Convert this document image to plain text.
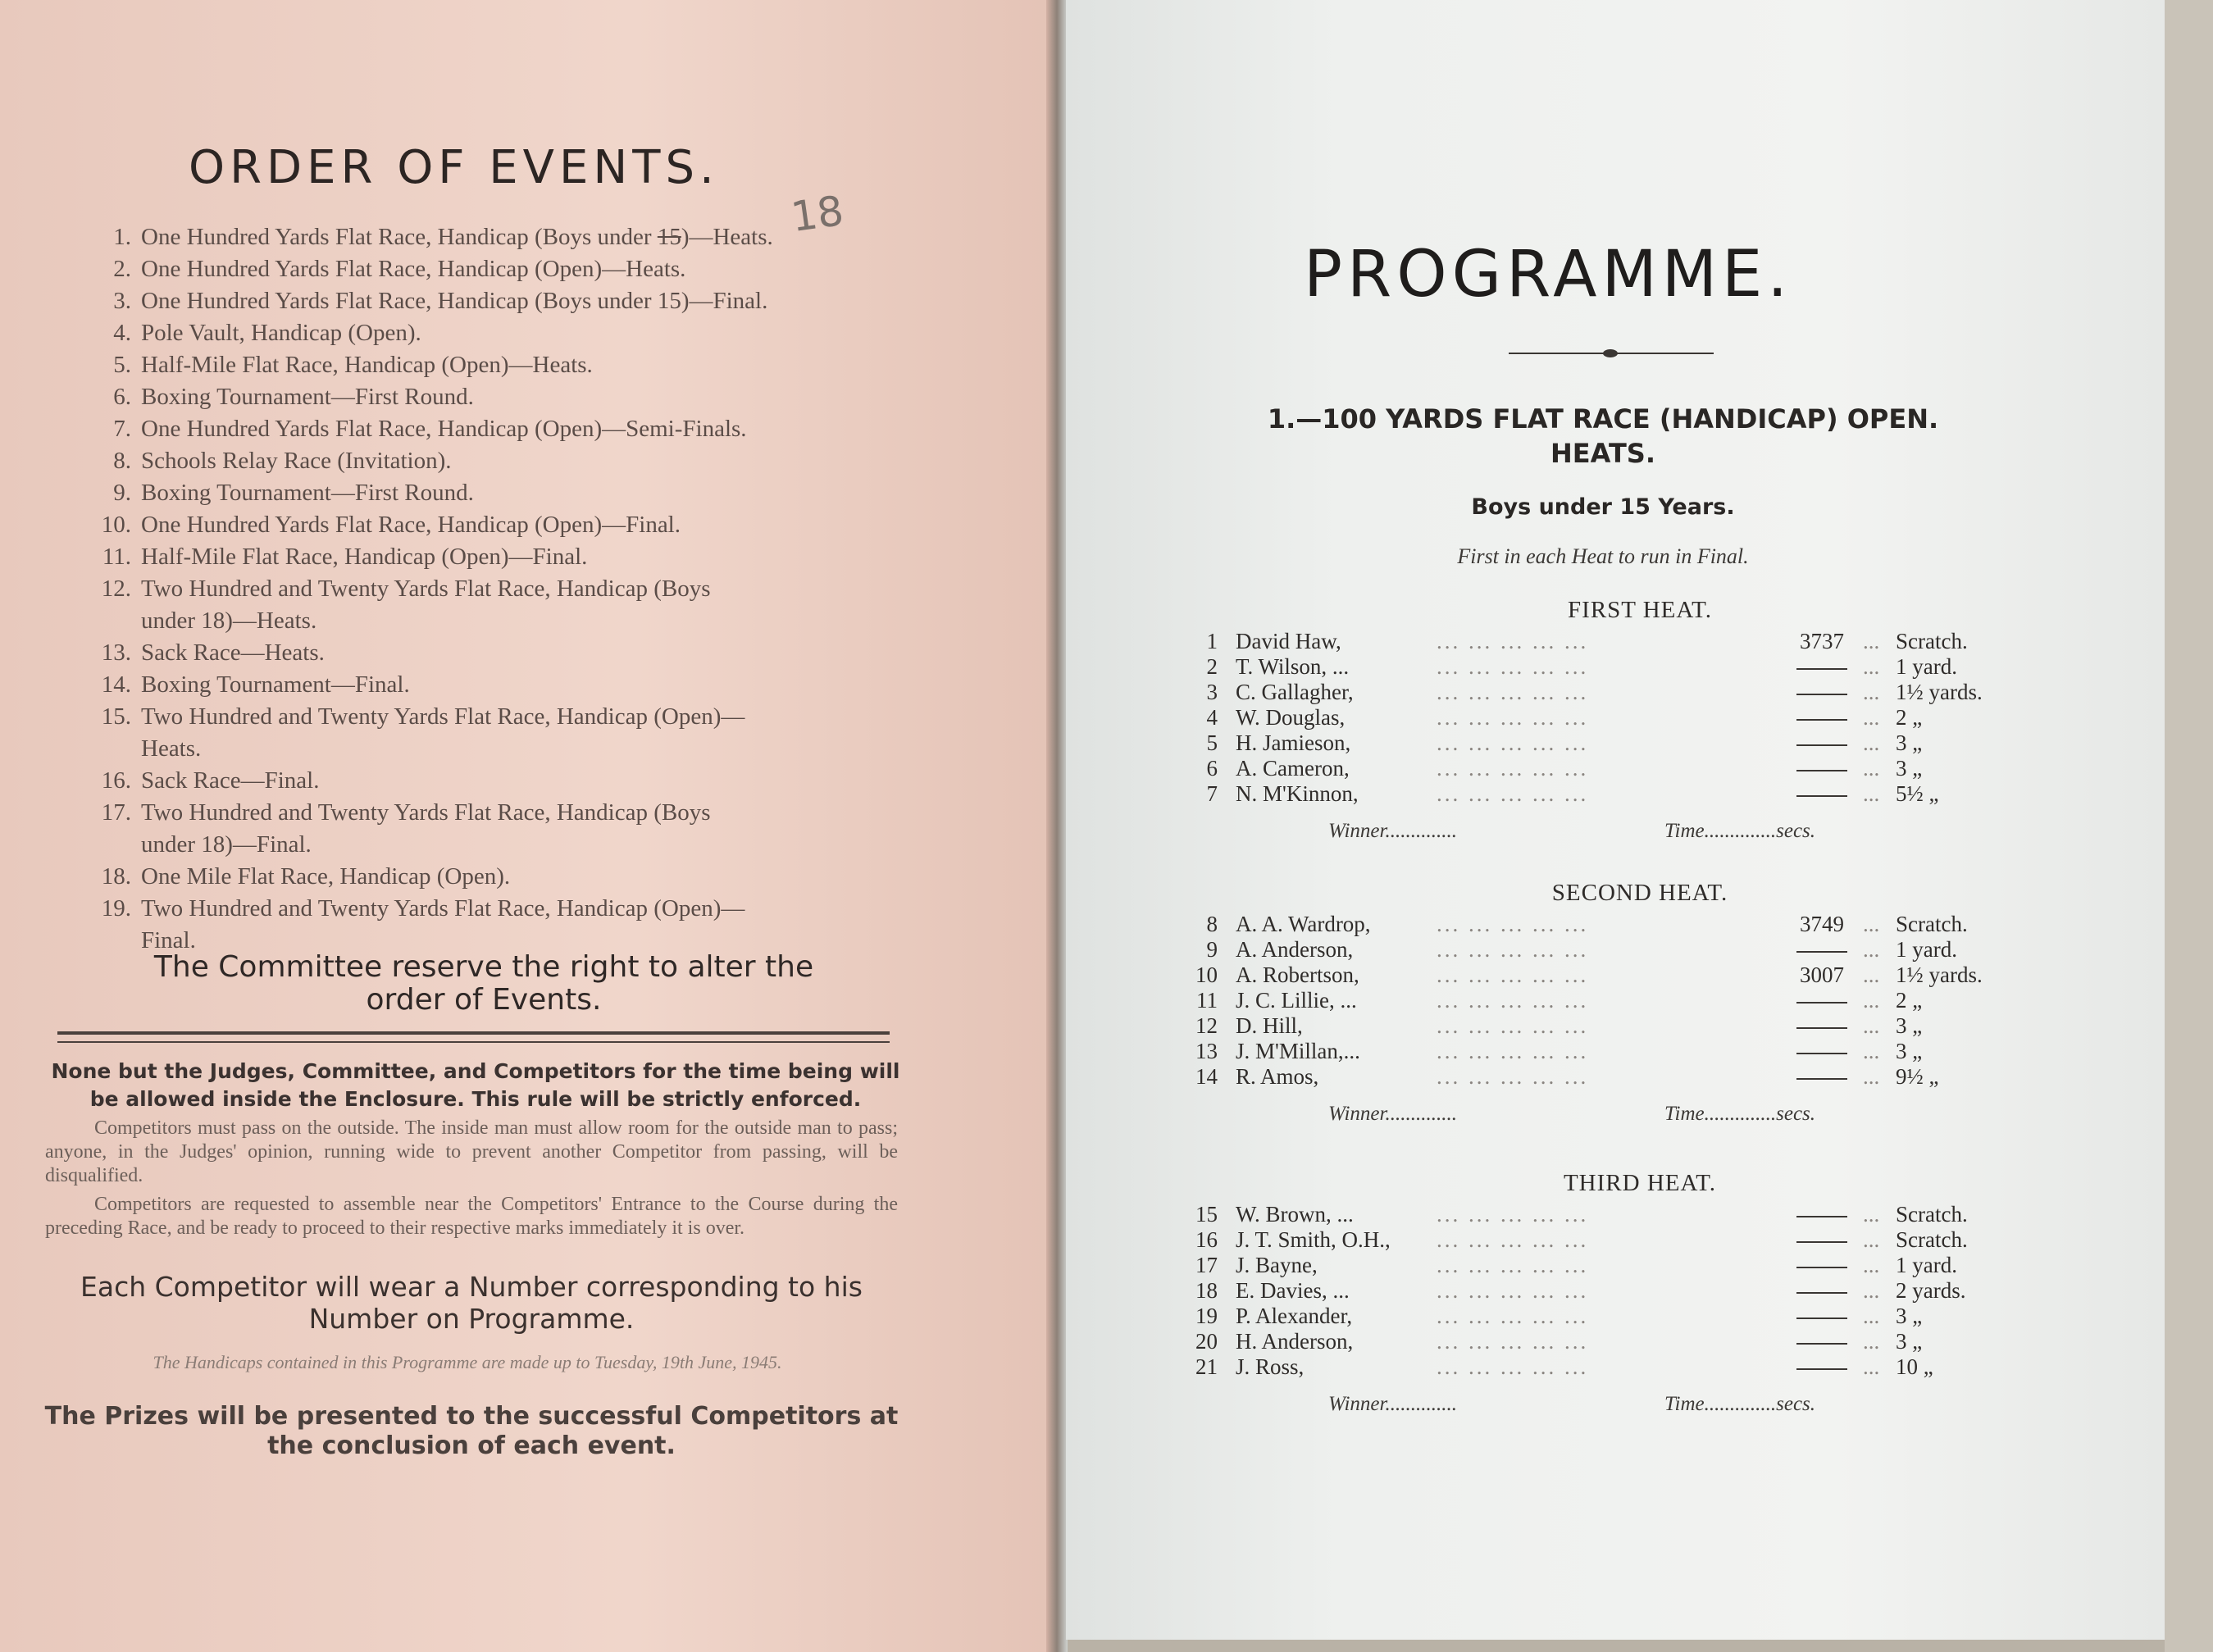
ORDER OF EVENTS.
18
1. One Hundred Yards Flat Race, Handicap (Boys under 15)—Heats.
2. One Hundred Yards Flat Race, Handicap (Open)—Heats.
3. One Hundred Yards Flat Race, Handicap (Boys under 15)—Final.
4. Pole Vault, Handicap (Open).
5. Half-Mile Flat Race, Handicap (Open)—Heats.
6. Boxing Tournament—First Round.
7. One Hundred Yards Flat Race, Handicap (Open)—Semi-Finals.
8. Schools Relay Race (Invitation).
9. Boxing Tournament—First Round.
10. One Hundred Yards Flat Race, Handicap (Open)—Final.
11. Half-Mile Flat Race, Handicap (Open)—Final.
12. Two Hundred and Twenty Yards Flat Race, Handicap (Boys
under 18)—Heats.
13. Sack Race—Heats.
14. Boxing Tournament—Final.
15. Two Hundred and Twenty Yards Flat Race, Handicap (Open)—
Heats.
16. Sack Race—Final.
17. Two Hundred and Twenty Yards Flat Race, Handicap (Boys
under 18)—Final.
18. One Mile Flat Race, Handicap (Open).
19. Two Hundred and Twenty Yards Flat Race, Handicap (Open)—
Final.
The Committee reserve the right to alter the
order of Events.
None but the Judges, Committee, and Competitors for the time being will be allowed inside the Enclosure. This rule will be strictly enforced.
Competitors must pass on the outside. The inside man must allow room for the outside man to pass; anyone, in the Judges' opinion, running wide to prevent another Competitor from passing, will be disqualified.
Competitors are requested to assemble near the Competitors' Entrance to the Course during the preceding Race, and be ready to proceed to their respective marks immediately it is over.
Each Competitor will wear a Number corresponding to his Number on Programme.
The Handicaps contained in this Programme are made up to Tuesday, 19th June, 1945.
The Prizes will be presented to the successful Competitors at the conclusion of each event.
PROGRAMME.
1.—100 YARDS FLAT RACE (HANDICAP) OPEN.
HEATS.
Boys under 15 Years.
First in each Heat to run in Final.
FIRST HEAT.
1 David Haw,	... ... ... ... ...	3737 ... Scratch.
2 T. Wilson, ...	... ... ... ... ...	... 1 yard.
3 C. Gallagher,	... ... ... ... ...	... 1½ yards.
4 W. Douglas,	... ... ... ... ...	... 2 „
5 H. Jamieson,	... ... ... ... ...	... 3 „
6 A. Cameron,	... ... ... ... ...	... 3 „
7 N. M'Kinnon,	... ... ... ... ...	... 5½ „
Winner..............	Time..............secs.
SECOND HEAT.
8 A. A. Wardrop,	... ... ... ... ...	3749 ... Scratch.
9 A. Anderson,	... ... ... ... ...	... 1 yard.
10 A. Robertson,	... ... ... ... ...	3007 ... 1½ yards.
11 J. C. Lillie, ...	... ... ... ... ...	... 2 „
12 D. Hill,	... ... ... ... ...	... 3 „
13 J. M'Millan,...	... ... ... ... ...	... 3 „
14 R. Amos,	... ... ... ... ...	... 9½ „
Winner..............	Time..............secs.
THIRD HEAT.
15 W. Brown, ...	... ... ... ... ...	... Scratch.
16 J. T. Smith, O.H.,	... ... ... ... ...	... Scratch.
17 J. Bayne,	... ... ... ... ...	... 1 yard.
18 E. Davies, ...	... ... ... ... ...	... 2 yards.
19 P. Alexander,	... ... ... ... ...	... 3 „
20 H. Anderson,	... ... ... ... ...	... 3 „
21 J. Ross,	... ... ... ... ...	... 10 „
Winner..............	Time..............secs.
